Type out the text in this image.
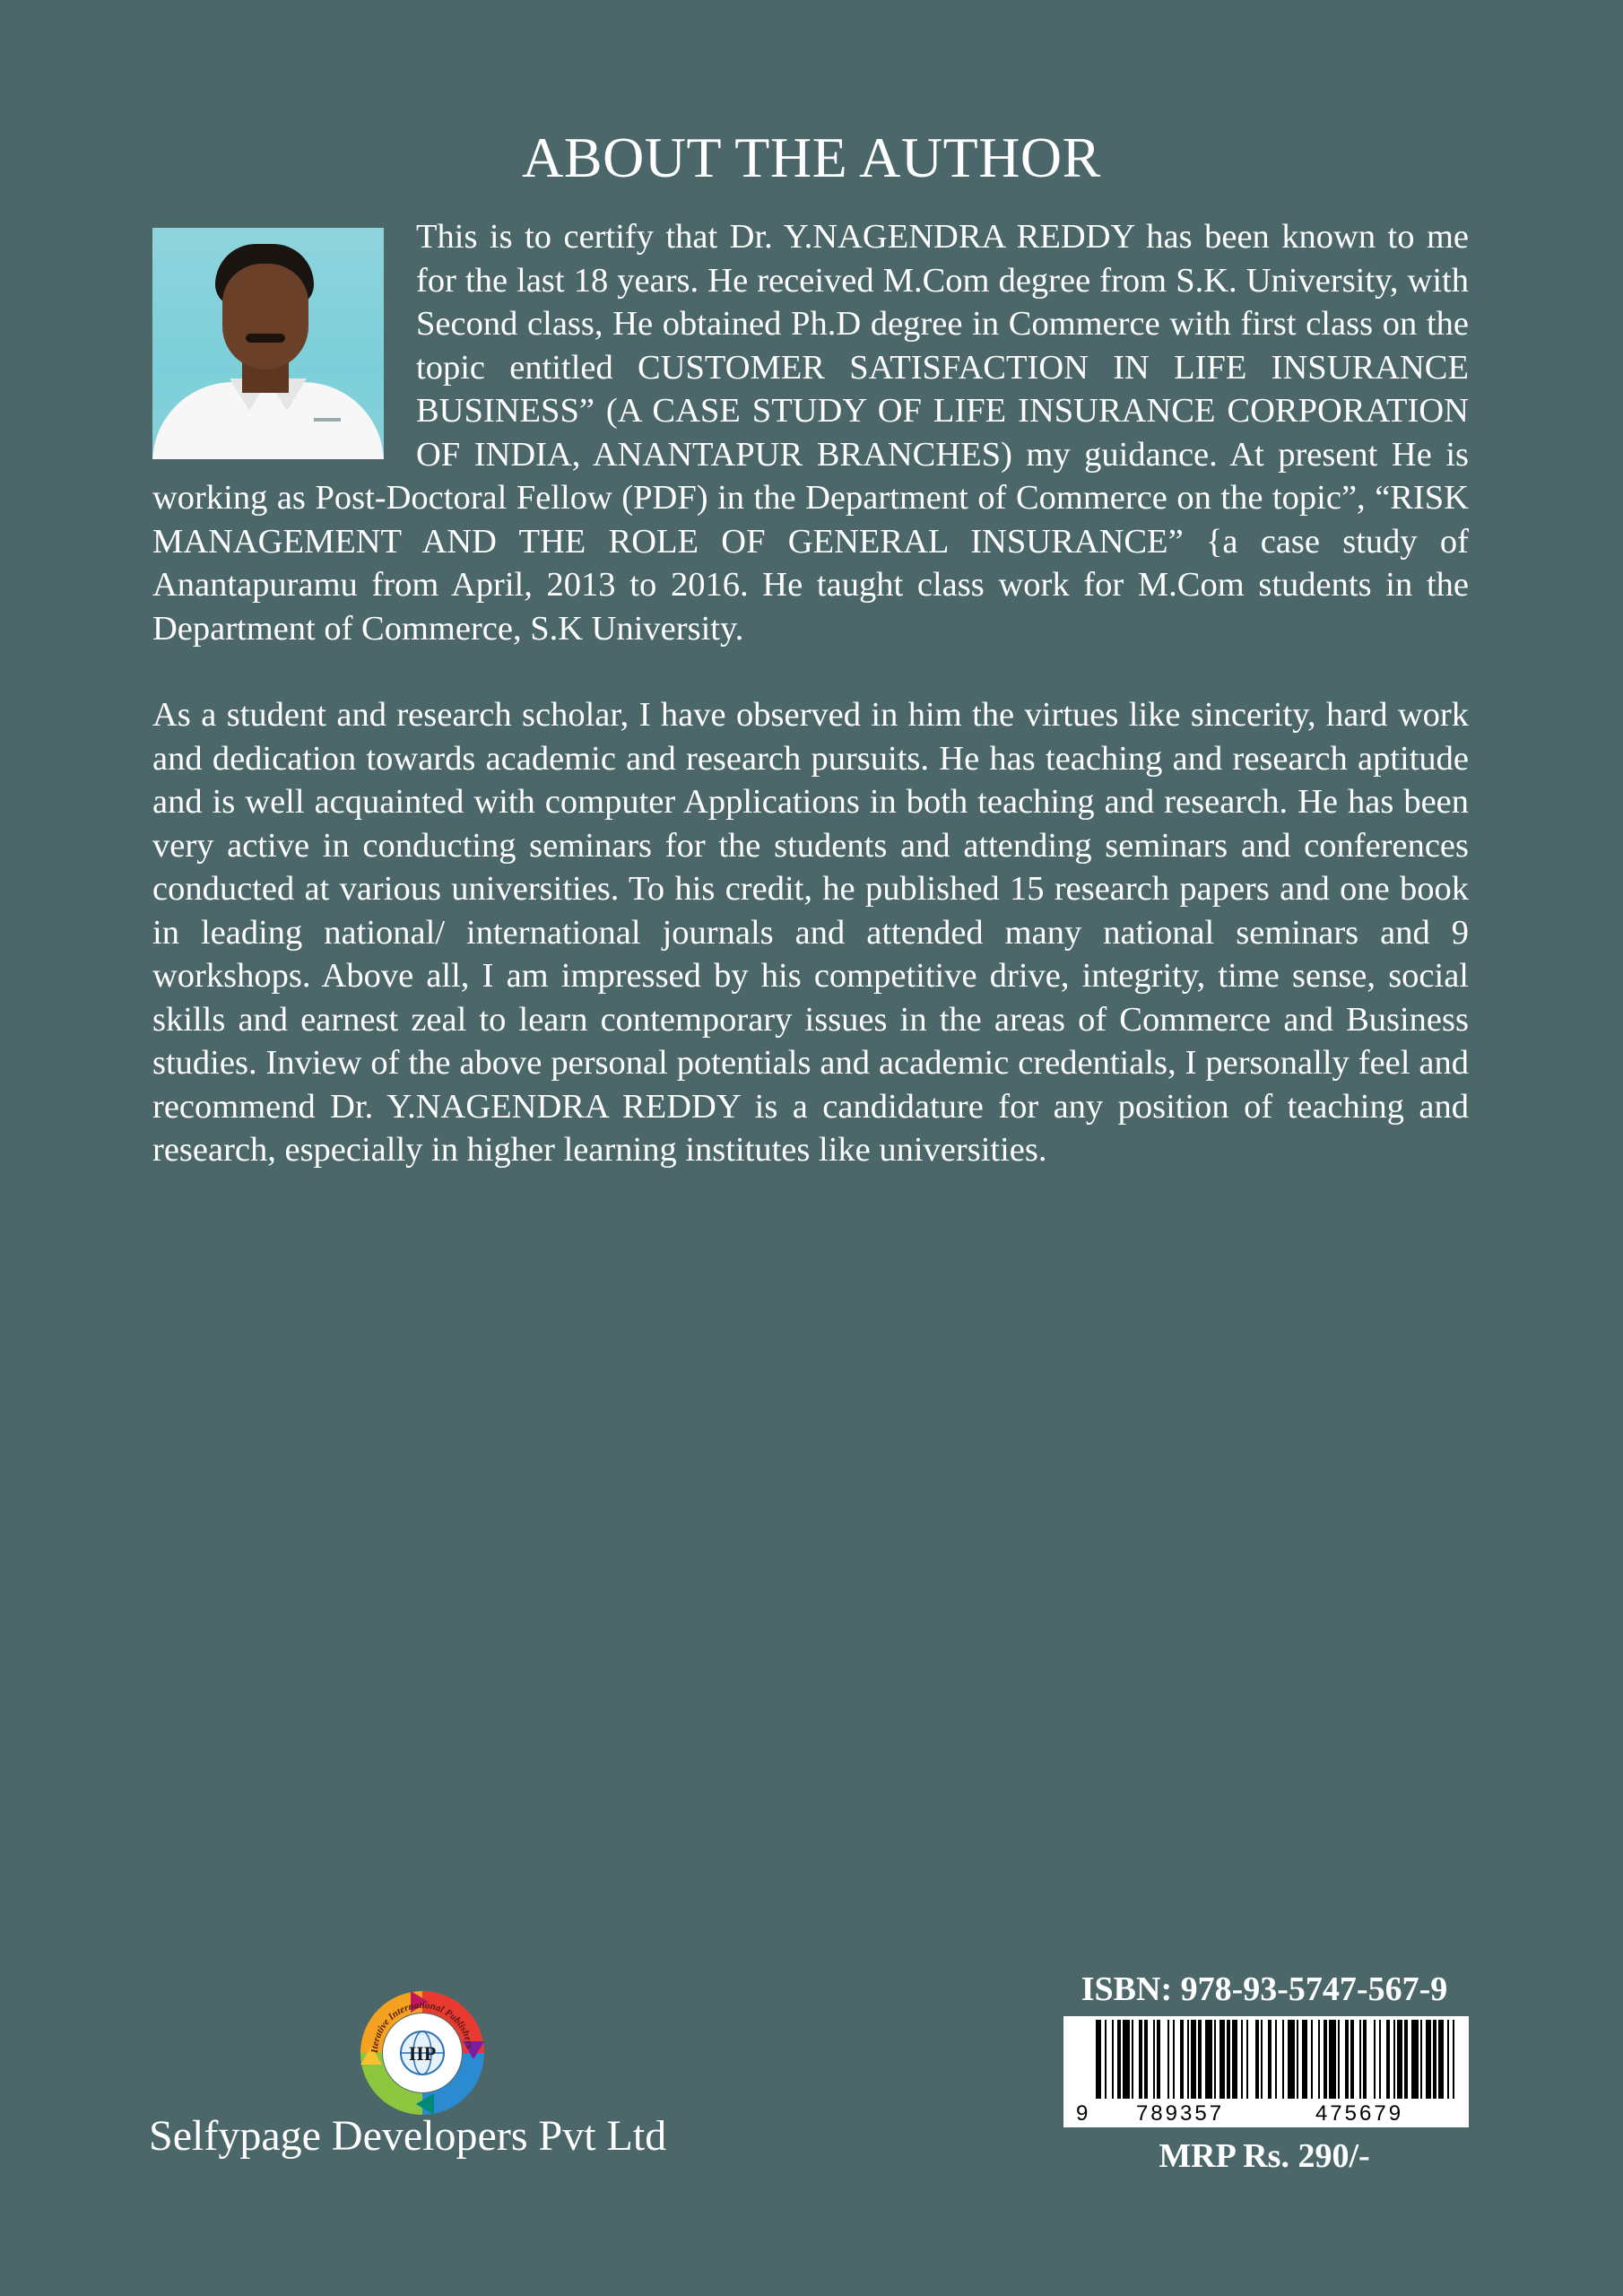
ABOUT THE AUTHOR

This is to certify that Dr. Y.NAGENDRA REDDY has been known to me for the last 18 years. He received M.Com degree from S.K. University, with Second class, He obtained Ph.D degree in Commerce with first class on the topic entitled CUSTOMER SATISFACTION IN LIFE INSURANCE BUSINESS” (A CASE STUDY OF LIFE INSURANCE CORPORATION OF INDIA, ANANTAPUR BRANCHES) my guidance. At present He is working as Post-Doctoral Fellow (PDF) in the Department of Commerce on the topic”, “RISK MANAGEMENT AND THE ROLE OF GENERAL INSURANCE” {a case study of Anantapuramu from April, 2013 to 2016. He taught class work for M.Com students in the Department of Commerce, S.K University.

As a student and research scholar, I have observed in him the virtues like sincerity, hard work and dedication towards academic and research pursuits. He has teaching and research aptitude and is well acquainted with computer Applications in both teaching and research. He has been very active in conducting seminars for the students and attending seminars and conferences conducted at various universities. To his credit, he published 15 research papers and one book in leading national/ international journals and attended many national seminars and 9 workshops. Above all, I am impressed by his competitive drive, integrity, time sense, social skills and earnest zeal to learn contemporary issues in the areas of Commerce and Business studies. Inview of the above personal potentials and academic credentials, I personally feel and recommend Dr. Y.NAGENDRA REDDY is a candidature for any position of teaching and research, especially in higher learning institutes like universities.

Iterative International Publishers
IIP
Selfypage Developers Pvt Ltd
ISBN: 978-93-5747-567-9
9 789357	475679
MRP Rs. 290/-
